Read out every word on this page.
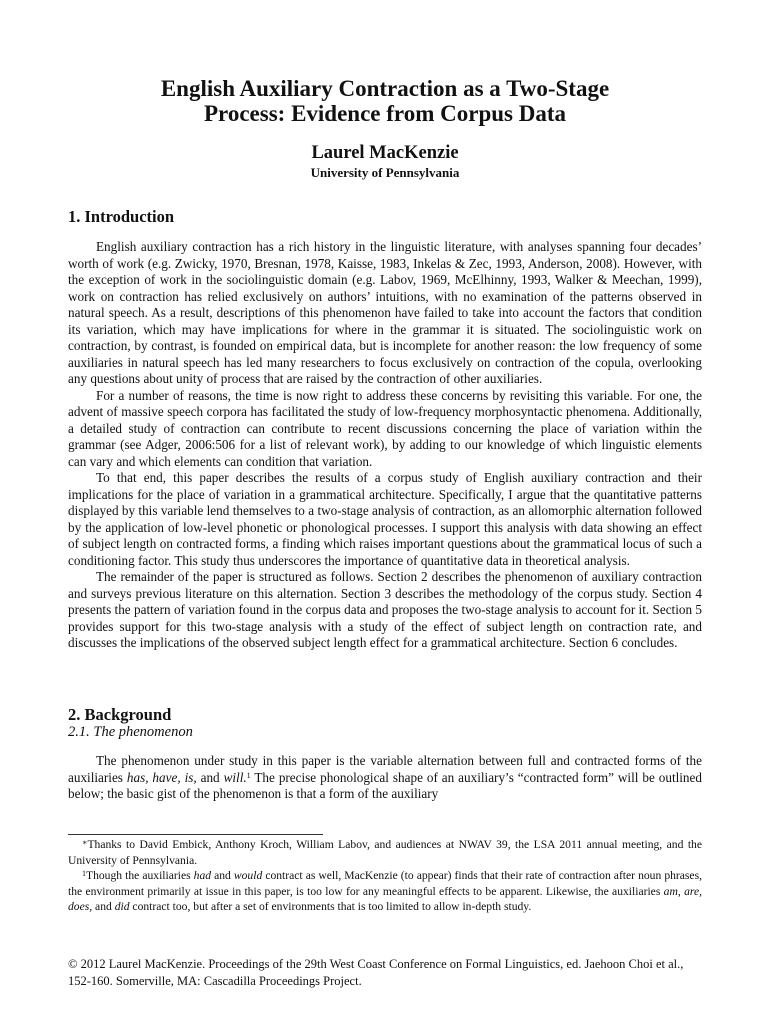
English Auxiliary Contraction as a Two-Stage
Process: Evidence from Corpus Data
Laurel MacKenzie
University of Pennsylvania
1. Introduction

English auxiliary contraction has a rich history in the linguistic literature, with analyses spanning four decades’ worth of work (e.g. Zwicky, 1970, Bresnan, 1978, Kaisse, 1983, Inkelas & Zec, 1993, Anderson, 2008). However, with the exception of work in the sociolinguistic domain (e.g. Labov, 1969, McElhinny, 1993, Walker & Meechan, 1999), work on contraction has relied exclusively on authors’ intuitions, with no examination of the patterns observed in natural speech. As a result, descriptions of this phenomenon have failed to take into account the factors that condition its variation, which may have implications for where in the grammar it is situated. The sociolinguistic work on contraction, by contrast, is founded on empirical data, but is incomplete for another reason: the low frequency of some auxiliaries in natural speech has led many researchers to focus exclusively on contraction of the copula, overlooking any questions about unity of process that are raised by the contraction of other auxiliaries.

For a number of reasons, the time is now right to address these concerns by revisiting this variable. For one, the advent of massive speech corpora has facilitated the study of low-frequency morphosyntactic phenomena. Additionally, a detailed study of contraction can contribute to recent discussions concerning the place of variation within the grammar (see Adger, 2006:506 for a list of relevant work), by adding to our knowledge of which linguistic elements can vary and which elements can condition that variation.

To that end, this paper describes the results of a corpus study of English auxiliary contraction and their implications for the place of variation in a grammatical architecture. Specifically, I argue that the quantitative patterns displayed by this variable lend themselves to a two-stage analysis of contraction, as an allomorphic alternation followed by the application of low-level phonetic or phonological processes. I support this analysis with data showing an effect of subject length on contracted forms, a finding which raises important questions about the grammatical locus of such a conditioning factor. This study thus underscores the importance of quantitative data in theoretical analysis.

The remainder of the paper is structured as follows. Section 2 describes the phenomenon of auxiliary contraction and surveys previous literature on this alternation. Section 3 describes the methodology of the corpus study. Section 4 presents the pattern of variation found in the corpus data and proposes the two-stage analysis to account for it. Section 5 provides support for this two-stage analysis with a study of the effect of subject length on contraction rate, and discusses the implications of the observed subject length effect for a grammatical architecture. Section 6 concludes.

2. Background
2.1. The phenomenon

The phenomenon under study in this paper is the variable alternation between full and contracted forms of the auxiliaries has, have, is, and will.$^1$ The precise phonological shape of an auxiliary’s “contracted form” will be outlined below; the basic gist of the phenomenon is that a form of the auxiliary

∗Thanks to David Embick, Anthony Kroch, William Labov, and audiences at NWAV 39, the LSA 2011 annual meeting, and the University of Pennsylvania.

$^1$Though the auxiliaries had and would contract as well, MacKenzie (to appear) finds that their rate of contraction after noun phrases, the environment primarily at issue in this paper, is too low for any meaningful effects to be apparent. Likewise, the auxiliaries am, are, does, and did contract too, but after a set of environments that is too limited to allow in-depth study.

© 2012 Laurel MacKenzie. Proceedings of the 29th West Coast Conference on Formal Linguistics, ed. Jaehoon Choi et al., 152-160. Somerville, MA: Cascadilla Proceedings Project.
